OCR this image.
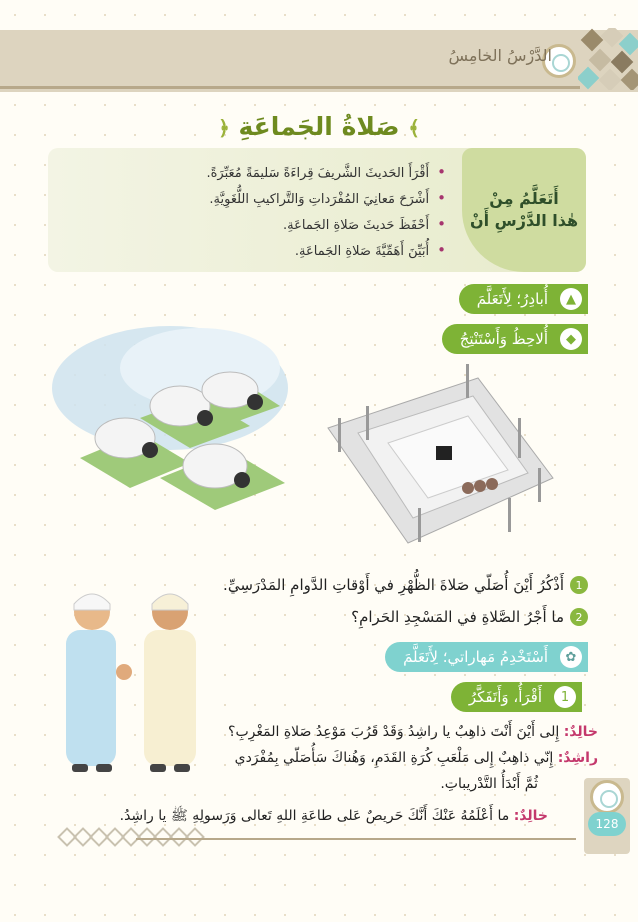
الدَّرْسُ الخامِسُ
﴾ صَلاةُ الجَماعَةِ ﴿
أَتَعَلَّمُ مِنْ
هٰذا الدَّرْسِ أَنْ
• أَقْرَأَ الحَديثَ الشَّريفَ قِراءَةً سَليمَةً مُعَبِّرَةً.
• أَشْرَحَ مَعانِيَ المُفْرَداتِ وَالتَّراكيبِ اللُّغَوِيَّةِ.
• أَحْفَظَ حَديثَ صَلاةِ الجَماعَةِ.
• أُبَيِّنَ أَهَمِّيَّةَ صَلاةِ الجَماعَةِ.
▲
أُبادِرُ؛ لِأَتَعَلَّمَ
◆
أُلاحِظُ وَأَسْتَنْتِجُ
1
أَذْكُرُ أَيْنَ أُصَلّي صَلاةَ الظُّهْرِ في أَوْقاتِ الدَّوامِ المَدْرَسِيِّ.
2
ما أَجْرُ الصَّلاةِ في المَسْجِدِ الحَرامِ؟
✿
أَسْتَخْدِمُ مَهاراتي؛ لِأَتَعَلَّمَ
1
أَقْرَأُ، وَأَتَفَكَّرُ
خالِدٌ: إِلى أَيْنَ أَنْتَ ذاهِبٌ يا راشِدُ وَقَدْ قَرُبَ مَوْعِدُ صَلاةِ المَغْرِبِ؟
راشِدٌ: إِنّي ذاهِبٌ إِلى مَلْعَبِ كُرَةِ القَدَمِ، وَهُناكَ سَأُصَلّي بِمُفْرَدي
ثُمَّ أَبْدَأُ التَّدْريباتِ.
خالِدٌ: ما أَعْلَمُهُ عَنْكَ أَنَّكَ حَريصٌ عَلى طاعَةِ اللهِ تَعالى وَرَسولِهِ ﷺ يا راشِدُ.	128
